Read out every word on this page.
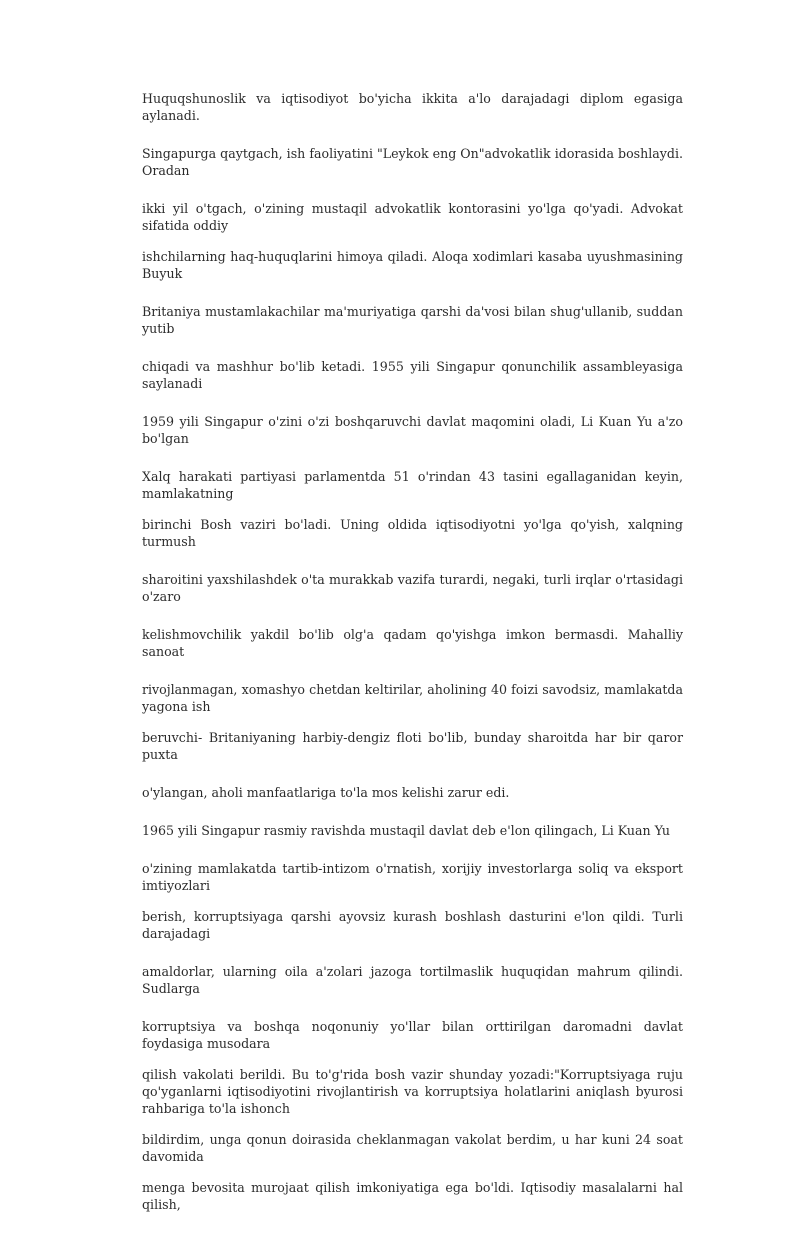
Huquqshunoslik va iqtisodiyot bo'yicha ikkita a'lo darajadagi diplom egasiga aylanadi.

Singapurga qaytgach, ish faoliyatini "Leykok eng On"advokatlik idorasida boshlaydi. Oradan

ikki yil o'tgach, o'zining mustaqil advokatlik kontorasini yo'lga qo'yadi. Advokat sifatida oddiy

ishchilarning haq-huquqlarini himoya qiladi. Aloqa xodimlari kasaba uyushmasining Buyuk

Britaniya mustamlakachilar ma'muriyatiga qarshi da'vosi bilan shug'ullanib, suddan yutib

chiqadi va mashhur bo'lib ketadi. 1955 yili Singapur qonunchilik assambleyasiga saylanadi

1959 yili Singapur o'zini o'zi boshqaruvchi davlat maqomini oladi, Li Kuan Yu a'zo bo'lgan

Xalq harakati partiyasi parlamentda 51 o'rindan 43 tasini egallaganidan keyin, mamlakatning

birinchi Bosh vaziri bo'ladi. Uning oldida iqtisodiyotni yo'lga qo'yish, xalqning turmush

sharoitini yaxshilashdek o'ta murakkab vazifa turardi, negaki, turli irqlar o'rtasidagi o'zaro

kelishmovchilik yakdil bo'lib olg'a qadam qo'yishga imkon bermasdi. Mahalliy sanoat

rivojlanmagan, xomashyo chetdan keltirilar, aholining 40 foizi savodsiz, mamlakatda yagona ish

beruvchi- Britaniyaning harbiy-dengiz floti bo'lib, bunday sharoitda har bir qaror puxta

o'ylangan, aholi manfaatlariga to'la mos kelishi zarur edi.

1965 yili Singapur rasmiy ravishda mustaqil davlat deb e'lon qilingach, Li Kuan Yu

o'zining mamlakatda tartib-intizom o'rnatish, xorijiy investorlarga soliq va eksport imtiyozlari

berish, korruptsiyaga qarshi ayovsiz kurash boshlash dasturini e'lon qildi. Turli darajadagi

amaldorlar, ularning oila a'zolari jazoga tortilmaslik huquqidan mahrum qilindi. Sudlarga

korruptsiya va boshqa noqonuniy yo'llar bilan orttirilgan daromadni davlat foydasiga musodara

qilish vakolati berildi. Bu to'g'rida bosh vazir shunday yozadi:"Korruptsiyaga ruju qo'yganlarni iqtisodiyotini rivojlantirish va korruptsiya holatlarini aniqlash byurosi rahbariga to'la ishonch

bildirdim, unga qonun doirasida cheklanmagan vakolat berdim, u har kuni 24 soat davomida

menga bevosita murojaat qilish imkoniyatiga ega bo'ldi. Iqtisodiy masalalarni hal qilish,
